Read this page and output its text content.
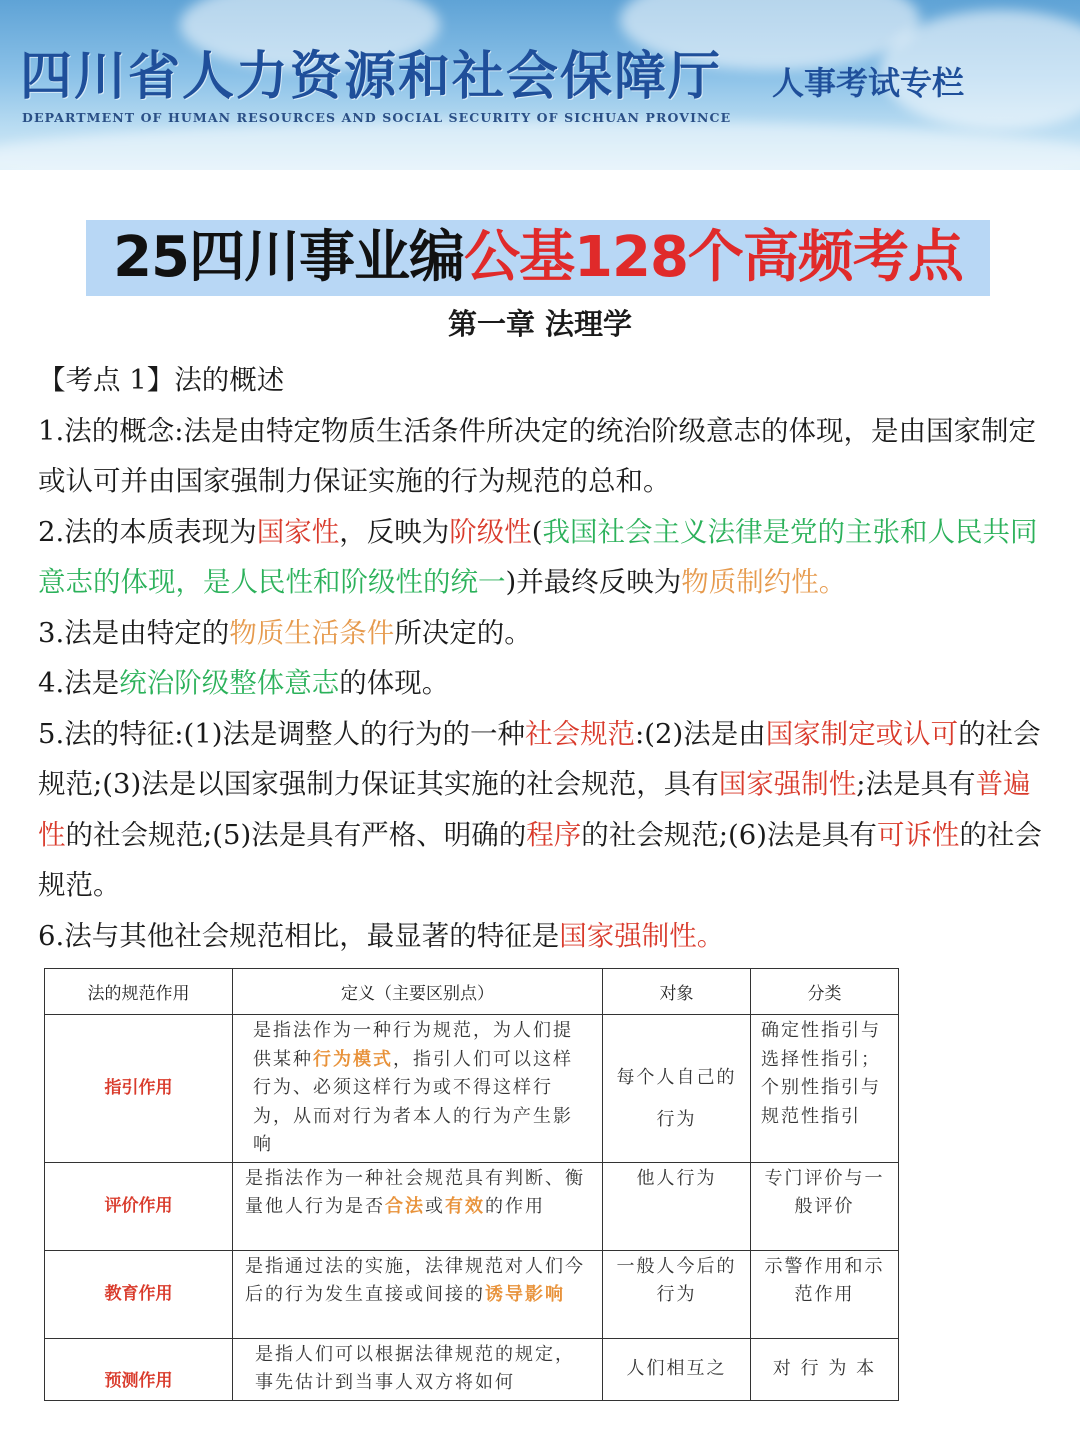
四川省人力资源和社会保障厅
DEPARTMENT OF HUMAN RESOURCES AND SOCIAL SECURITY OF SICHUAN PROVINCE
人事考试专栏
25四川事业编公基128个高频考点
第一章 法理学

【考点 1】法的概述

1.法的概念:法是由特定物质生活条件所决定的统治阶级意志的体现，是由国家制定或认可并由国家强制力保证实施的行为规范的总和。

2.法的本质表现为国家性，反映为阶级性(我国社会主义法律是党的主张和人民共同意志的体现，是人民性和阶级性的统一)并最终反映为物质制约性。

3.法是由特定的物质生活条件所决定的。

4.法是统治阶级整体意志的体现。

5.法的特征:(1)法是调整人的行为的一种社会规范:(2)法是由国家制定或认可的社会规范;(3)法是以国家强制力保证其实施的社会规范，具有国家强制性;法是具有普遍性的社会规范;(5)法是具有严格、明确的程序的社会规范;(6)法是具有可诉性的社会规范。

6.法与其他社会规范相比，最显著的特征是国家强制性。

法的规范作用	定义（主要区别点）	对象	分类
指引作用	是指法作为一种行为规范，为人们提供某种行为模式，指引人们可以这样行为、必须这样行为或不得这样行为，从而对行为者本人的行为产生影响	每个人自己的行为	确定性指引与选择性指引；个别性指引与规范性指引
评价作用	是指法作为一种社会规范具有判断、衡量他人行为是否合法或有效的作用	他人行为	专门评价与一般评价
教育作用	是指通过法的实施，法律规范对人们今后的行为发生直接或间接的诱导影响	一般人今后的行为	示警作用和示范作用
预测作用	是指人们可以根据法律规范的规定，事先估计到当事人双方将如何	人们相互之	对 行 为 本
